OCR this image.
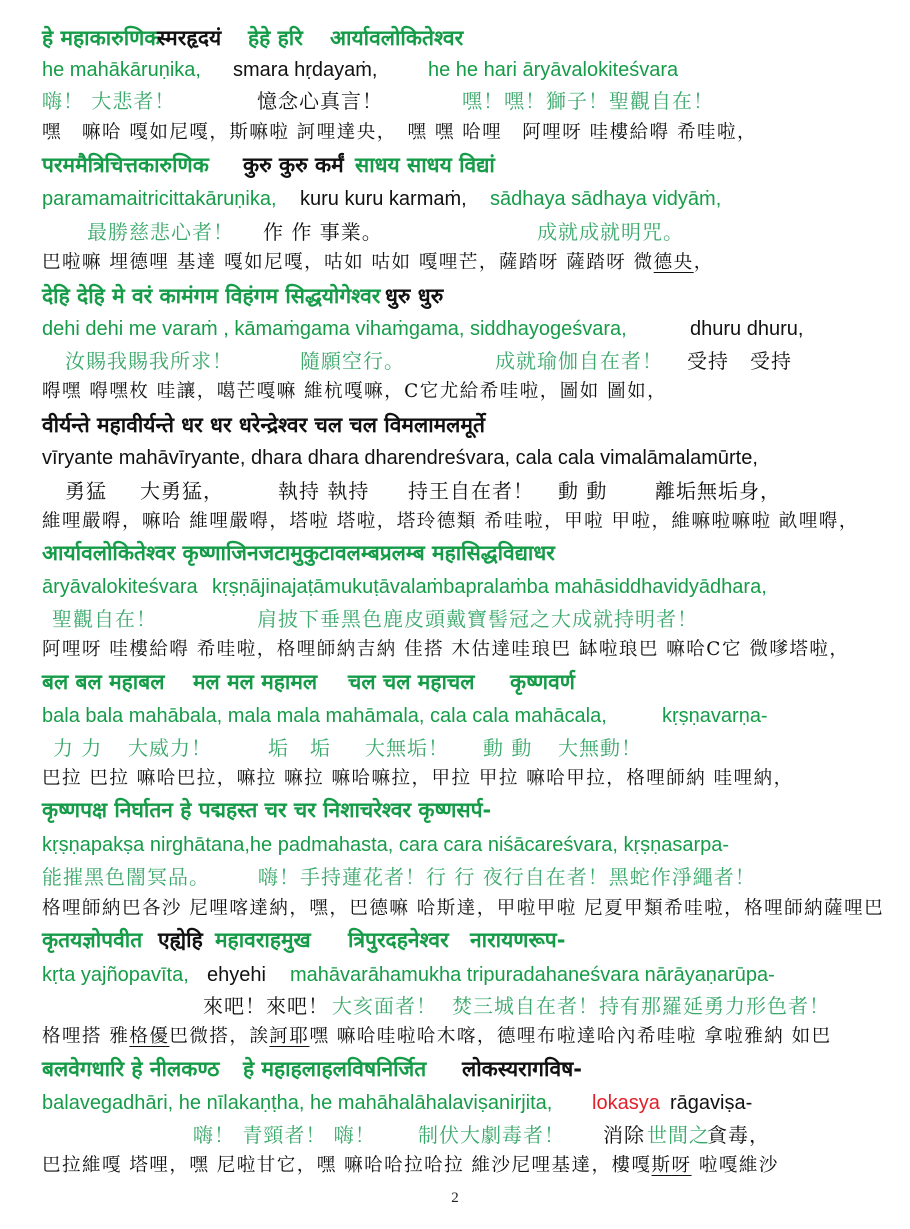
हे महाकारुणिक
स्मरहृदयं हेहे हरि आर्यावलोकितेश्वर
he mahākāruṇika, smara hṛdayaṁ,	he he hari āryāvalokiteśvara
嗨！ 大悲者！	憶念心真言！	嘿！嘿！獅子！聖觀自在！
嘿　嘛哈 嘎如尼嘎，斯嘛啦 訶哩達央，　嘿 嘿 哈哩　阿哩呀 哇樓給嘚 希哇啦，
परममैत्रिचित्तकारुणिक कुरु कुरु कर्मं साधय साधय विद्यां
paramamaitricittakāruṇika, kuru kuru karmaṁ, sādhaya sādhaya vidyāṁ,
最勝慈悲心者！ 作 作 事業。	成就成就明咒。
巴啦嘛 埋德哩 基達 嘎如尼嘎，咕如 咕如 嘎哩芒，薩踏呀 薩踏呀 微德央，
देहि देहि मे वरं कामंगम विहंगम सिद्धयोगेश्वर धुरु धुरु
dehi dehi me varaṁ , kāmaṁgama vihaṁgama, siddhayogeśvara,	dhuru dhuru,
汝賜我賜我所求！	隨願空行。	成就瑜伽自在者！ 受持　受持
嘚嘿 嘚嘿枚 哇讓，噶芒嘎嘛 維杭嘎嘛，C它尤給希哇啦，圖如 圖如，
वीर्यन्ते महावीर्यन्ते धर धर धरेन्द्रेश्वर चल चल विमलामलमूर्ते
vīryante mahāvīryante, dhara dhara dharendreśvara, cala cala vimalāmalamūrte,
勇猛 大勇猛，	執持 執持 持王自在者！ 動 動 離垢無垢身，
維哩嚴嘚，嘛哈 維哩嚴嘚，塔啦 塔啦，塔玲德類 希哇啦，甲啦 甲啦，維嘛啦嘛啦 畝哩嘚，
आर्यावलोकितेश्वर कृष्णाजिनजटामुकुटावलम्बप्रलम्ब महासिद्धविद्याधर
āryāvalokiteśvara kṛṣṇājinajaṭāmukuṭāvalaṁbapralaṁba mahāsiddhavidyādhara,
聖觀自在！	肩披下垂黑色鹿皮頭戴寶髻冠之大成就持明者！
阿哩呀 哇樓給嘚 希哇啦，格哩師納吉納 佳搭 木估達哇琅巴 缽啦琅巴 嘛哈C它 微嗲塔啦，
बल बल महाबल मल मल महामल चल चल महाचल कृष्णवर्ण
bala bala mahābala, mala mala mahāmala, cala cala mahācala,	kṛṣṇavarṇa-
力 力 大威力！	垢　垢 大無垢！ 動 動 大無動！
巴拉 巴拉 嘛哈巴拉，嘛拉 嘛拉 嘛哈嘛拉，甲拉 甲拉 嘛哈甲拉，格哩師納 哇哩納，
कृष्णपक्ष निर्घातन हे पद्महस्त चर चर निशाचरेश्वर कृष्णसर्प-
kṛṣṇapakṣa nirghātana,he padmahasta, cara cara niśācareśvara, kṛṣṇasarpa-
能摧黑色闇冥品。 嗨！手持蓮花者！行 行 夜行自在者！黑蛇作淨繩者！
格哩師納巴各沙 尼哩喀達納，嘿，巴德嘛 哈斯達，甲啦甲啦 尼夏甲類希哇啦，格哩師納薩哩巴
कृतयज्ञोपवीत एह्येहि महावराहमुख त्रिपुरदहनेश्वर नारायणरूप-
kṛta yajñopavīta, ehyehi mahāvarāhamukha tripuradahaneśvara nārāyaṇarūpa-
來吧！來吧！ 大亥面者！ 焚三城自在者！持有那羅延勇力形色者！
格哩搭 雅格優巴微搭，誒訶耶嘿 嘛哈哇啦哈木喀，德哩布啦達哈內希哇啦 拿啦雅納 如巴
बलवेगधारि हे नीलकण्ठ हे महाहलाहलविषनिर्जित लोकस्यरागविष-
balavegadhāri, he nīlakaṇṭha, he mahāhalāhalaviṣanirjita, lokasya rāgaviṣa-
嗨！ 青頸者！ 嗨！ 制伏大劇毒者！ 消除 世間之
貪毒，
巴拉維嘎 塔哩，嘿 尼啦甘它，嘿 嘛哈哈拉哈拉 維沙尼哩基達，樓嘎斯呀 啦嘎維沙
2
